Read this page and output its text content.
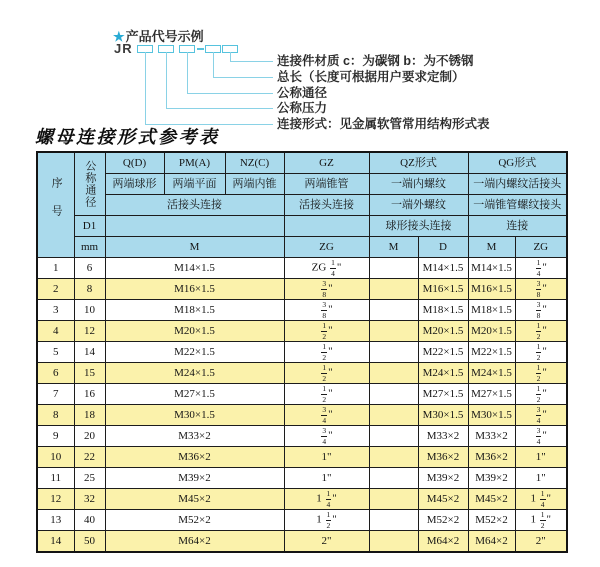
★产品代号示例
JR
连接件材质 c：为碳钢 b：为不锈钢
总长（长度可根据用户要求定制）
公称通径
公称压力
连接形式：见金属软管常用结构形式表
螺母连接形式参考表
序号	公称通径	Q(D)	PM(A)	NZ(C)	GZ	QZ形式		QG形式	
		两端球形	两端平面	两端内锥	两端锥管	一端内螺纹		一端内螺纹活接头	
		活接头连接			活接头连接	一端外螺纹		一端锥管螺纹接头	
	D1					球形接头连接		连接	
	mm	M			ZG	M	D	M	ZG
1	6	M14×1.5			ZG $\frac{1}{4}$ "		M14×1.5	M14×1.5	$\frac{1}{4}$ "
2	8	M16×1.5			$\frac{3}{8}$ "		M16×1.5	M16×1.5	$\frac{3}{8}$ "
3	10	M18×1.5			$\frac{3}{8}$ "		M18×1.5	M18×1.5	$\frac{3}{8}$ "
4	12	M20×1.5			$\frac{1}{2}$ "		M20×1.5	M20×1.5	$\frac{1}{2}$ "
5	14	M22×1.5			$\frac{1}{2}$ "		M22×1.5	M22×1.5	$\frac{1}{2}$ "
6	15	M24×1.5			$\frac{1}{2}$ "		M24×1.5	M24×1.5	$\frac{1}{2}$ "
7	16	M27×1.5			$\frac{1}{2}$ "		M27×1.5	M27×1.5	$\frac{1}{2}$ "
8	18	M30×1.5			$\frac{3}{4}$ "		M30×1.5	M30×1.5	$\frac{3}{4}$ "
9	20	M33×2			$\frac{3}{4}$ "		M33×2	M33×2	$\frac{3}{4}$ "
10	22	M36×2			1"		M36×2	M36×2	1"
11	25	M39×2			1"		M39×2	M39×2	1"
12	32	M45×2			$1 \frac{1}{4}$ "		M45×2	M45×2	$1 \frac{1}{4}$ "
13	40	M52×2			$1 \frac{1}{2}$ "		M52×2	M52×2	$1 \frac{1}{2}$ "
14	50	M64×2			2"		M64×2	M64×2	2"
